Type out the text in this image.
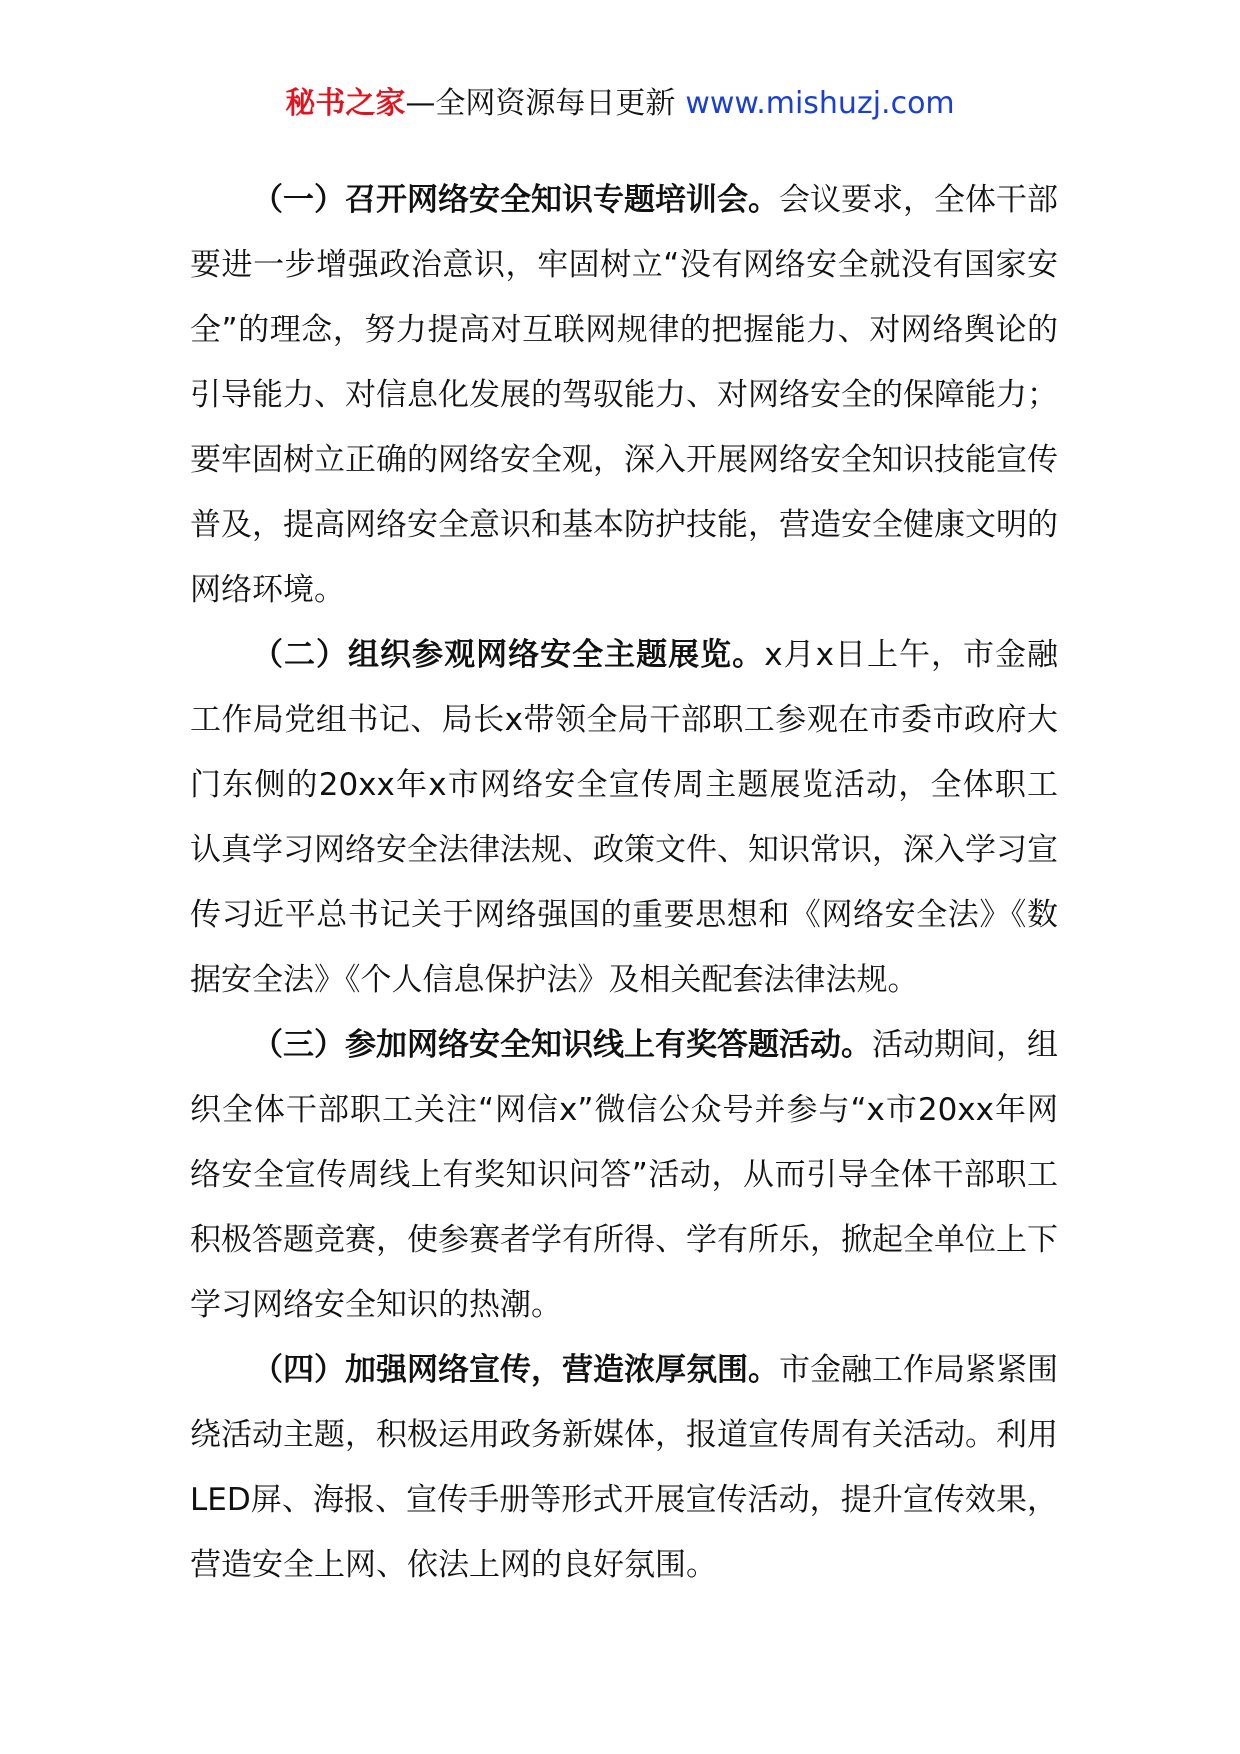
秘书之家—全网资源每日更新 www.mishuzj.com

（一）召开网络安全知识专题培训会。会议要求，全体干部要进一步增强政治意识，牢固树立“没有网络安全就没有国家安全”的理念，努力提高对互联网规律的把握能力、对网络舆论的引导能力、对信息化发展的驾驭能力、对网络安全的保障能力；要牢固树立正确的网络安全观，深入开展网络安全知识技能宣传普及，提高网络安全意识和基本防护技能，营造安全健康文明的网络环境。

（二）组织参观网络安全主题展览。x月x日上午，市金融工作局党组书记、局长x带领全局干部职工参观在市委市政府大门东侧的20xx年x市网络安全宣传周主题展览活动，全体职工认真学习网络安全法律法规、政策文件、知识常识，深入学习宣传习近平总书记关于网络强国的重要思想和《网络安全法》《数据安全法》《个人信息保护法》及相关配套法律法规。

（三）参加网络安全知识线上有奖答题活动。活动期间，组织全体干部职工关注“网信x”微信公众号并参与“x市20xx年网络安全宣传周线上有奖知识问答”活动，从而引导全体干部职工积极答题竞赛，使参赛者学有所得、学有所乐，掀起全单位上下学习网络安全知识的热潮。

（四）加强网络宣传，营造浓厚氛围。市金融工作局紧紧围绕活动主题，积极运用政务新媒体，报道宣传周有关活动。利用LED屏、海报、宣传手册等形式开展宣传活动，提升宣传效果，营造安全上网、依法上网的良好氛围。
